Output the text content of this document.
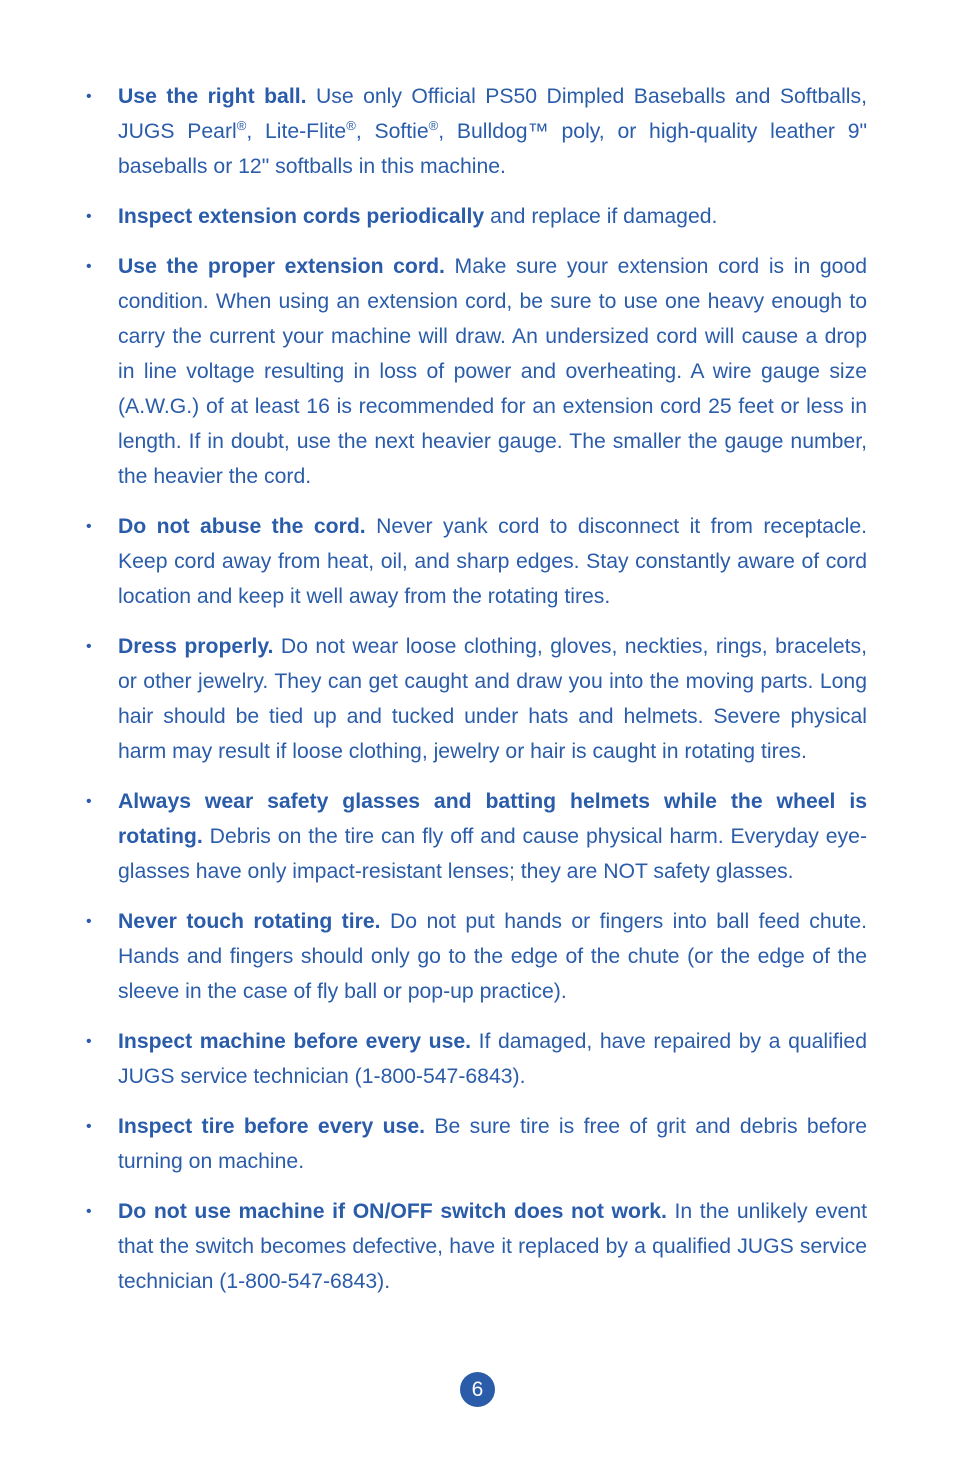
• Use the right ball. Use only Official PS50 Dimpled Baseballs and Softballs, JUGS Pearl®, Lite-Flite®, Softie®, Bulldog™ poly, or high-quality leather 9" baseballs or 12" softballs in this machine.
• Inspect extension cords periodically and replace if damaged.
• Use the proper extension cord. Make sure your extension cord is in good condition. When using an extension cord, be sure to use one heavy enough to carry the current your machine will draw. An undersized cord will cause a drop in line voltage resulting in loss of power and overheating. A wire gauge size (A.W.G.) of at least 16 is recommended for an extension cord 25 feet or less in length. If in doubt, use the next heavier gauge. The smaller the gauge number, the heavier the cord.
• Do not abuse the cord. Never yank cord to disconnect it from receptacle. Keep cord away from heat, oil, and sharp edges. Stay constantly aware of cord location and keep it well away from the rotating tires.
• Dress properly. Do not wear loose clothing, gloves, neckties, rings, bracelets, or other jewelry. They can get caught and draw you into the moving parts. Long hair should be tied up and tucked under hats and helmets. Severe physical harm may result if loose clothing, jewelry or hair is caught in rotating tires.
• Always wear safety glasses and batting helmets while the wheel is rotating. Debris on the tire can fly off and cause physical harm. Everyday eye-glasses have only impact-resistant lenses; they are NOT safety glasses.
• Never touch rotating tire. Do not put hands or fingers into ball feed chute. Hands and fingers should only go to the edge of the chute (or the edge of the sleeve in the case of fly ball or pop-up practice).
• Inspect machine before every use. If damaged, have repaired by a qualified JUGS service technician (1-800-547-6843).
• Inspect tire before every use. Be sure tire is free of grit and debris before turning on machine.
• Do not use machine if ON/OFF switch does not work. In the unlikely event that the switch becomes defective, have it replaced by a qualified JUGS service technician (1-800-547-6843).
6
